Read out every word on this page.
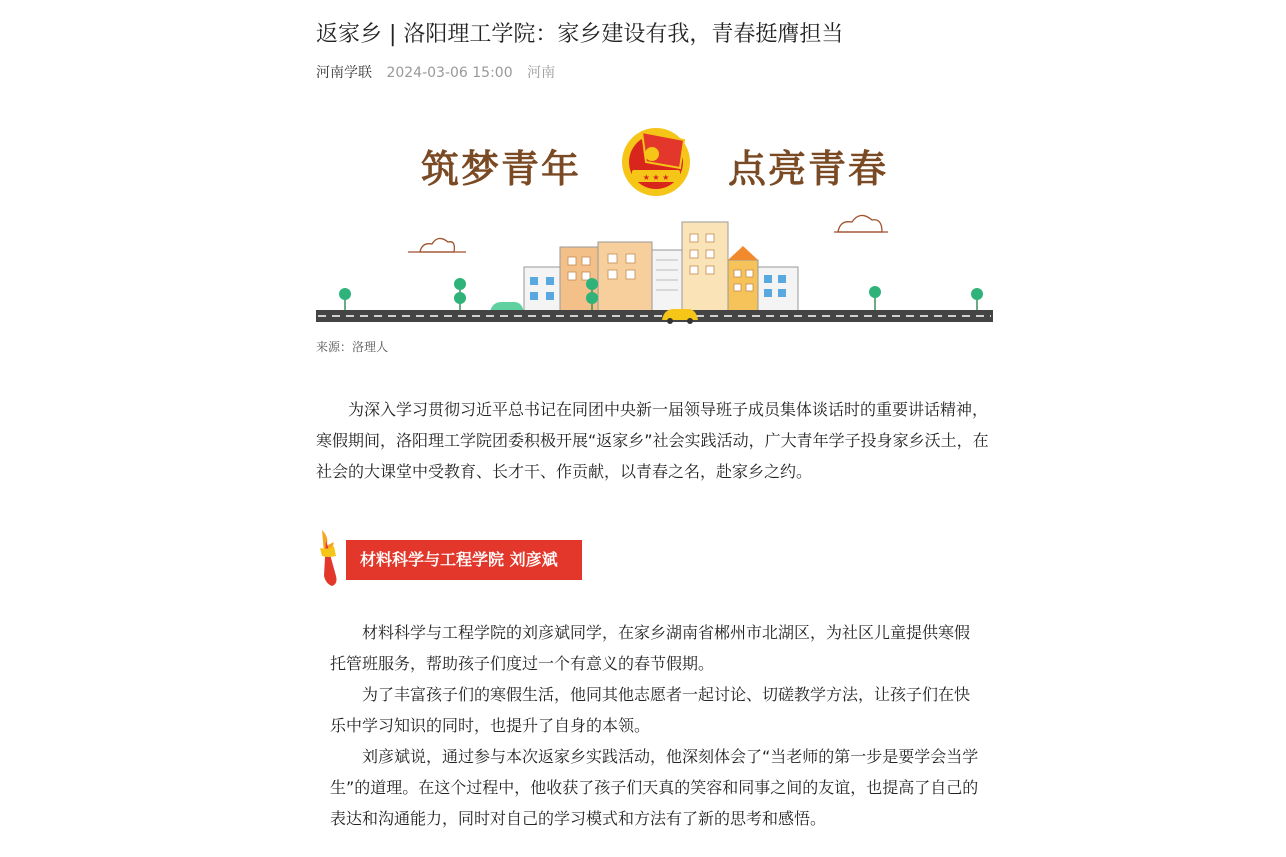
返家乡 | 洛阳理工学院：家乡建设有我，青春挺膺担当
河南学联 2024-03-06 15:00 河南
筑梦青年	点亮青春
★ ★ ★
来源：洛理人

为深入学习贯彻习近平总书记在同团中央新一届领导班子成员集体谈话时的重要讲话精神，寒假期间，洛阳理工学院团委积极开展“返家乡”社会实践活动，广大青年学子投身家乡沃土，在社会的大课堂中受教育、长才干、作贡献，以青春之名，赴家乡之约。

材料科学与工程学院 刘彦斌

材料科学与工程学院的刘彦斌同学，在家乡湖南省郴州市北湖区，为社区儿童提供寒假托管班服务，帮助孩子们度过一个有意义的春节假期。

为了丰富孩子们的寒假生活，他同其他志愿者一起讨论、切磋教学方法，让孩子们在快乐中学习知识的同时，也提升了自身的本领。

刘彦斌说，通过参与本次返家乡实践活动，他深刻体会了“当老师的第一步是要学会当学生”的道理。在这个过程中，他收获了孩子们天真的笑容和同事之间的友谊，也提高了自己的表达和沟通能力，同时对自己的学习模式和方法有了新的思考和感悟。
